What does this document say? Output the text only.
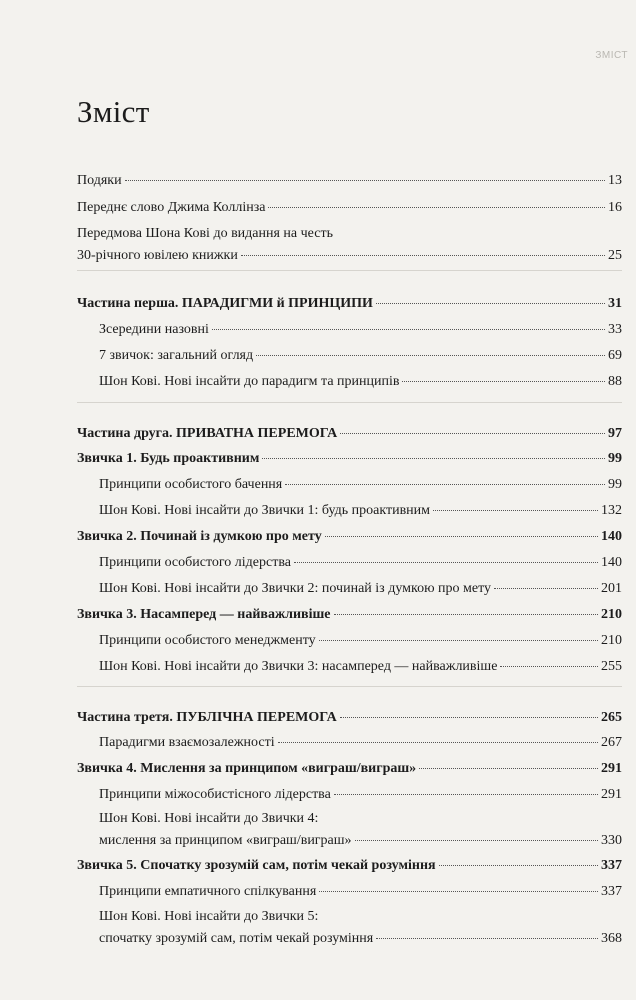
ЗМІСТ
Зміст
Подяки	13
Переднє слово Джима Коллінза	16
Передмова Шона Кові до видання на честь
30-річного ювілею книжки	25
Частина перша. ПАРАДИГМИ й ПРИНЦИПИ	31
Зсередини назовні	33
7 звичок: загальний огляд	69
Шон Кові. Нові інсайти до парадигм та принципів	88
Частина друга. ПРИВАТНА ПЕРЕМОГА	97
Звичка 1. Будь проактивним	99
Принципи особистого бачення	99
Шон Кові. Нові інсайти до Звички 1: будь проактивним	132
Звичка 2. Починай із думкою про мету	140
Принципи особистого лідерства	140
Шон Кові. Нові інсайти до Звички 2: починай із думкою про мету	201
Звичка 3. Насамперед — найважливіше	210
Принципи особистого менеджменту	210
Шон Кові. Нові інсайти до Звички 3: насамперед — найважливіше	255
Частина третя. ПУБЛІЧНА ПЕРЕМОГА	265
Парадигми взаємозалежності	267
Звичка 4. Мислення за принципом «виграш/виграш»	291
Принципи міжособистісного лідерства	291
Шон Кові. Нові інсайти до Звички 4:
мислення за принципом «виграш/виграш»	330
Звичка 5. Спочатку зрозумій сам, потім чекай розуміння	337
Принципи емпатичного спілкування	337
Шон Кові. Нові інсайти до Звички 5:
спочатку зрозумій сам, потім чекай розуміння	368
